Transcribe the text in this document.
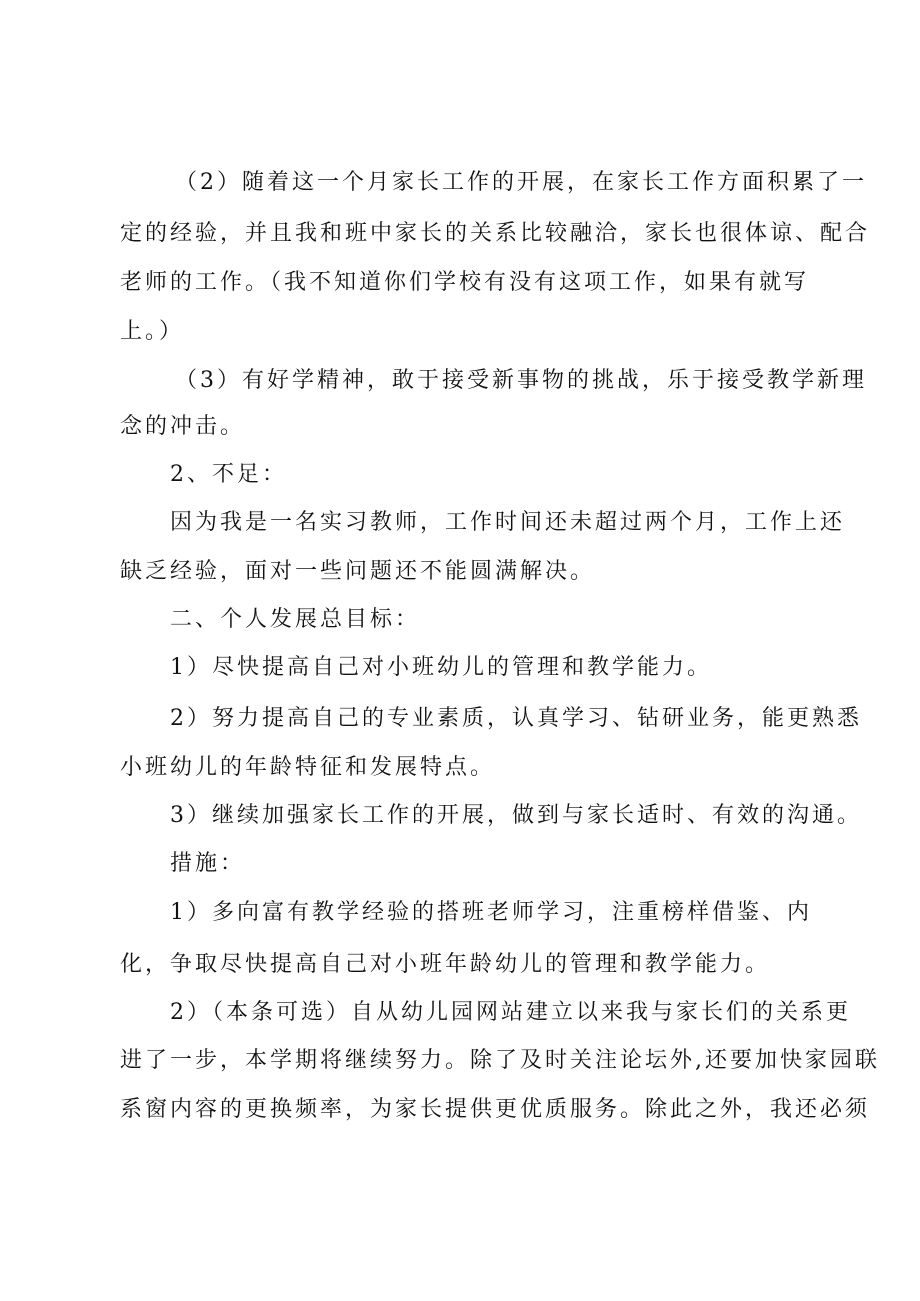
（2）随着这一个月家长工作的开展，在家长工作方面积累了一
定的经验，并且我和班中家长的关系比较融洽，家长也很体谅、配合
老师的工作。（我不知道你们学校有没有这项工作，如果有就写
上。）
（3）有好学精神，敢于接受新事物的挑战，乐于接受教学新理
念的冲击。
2、不足：
因为我是一名实习教师，工作时间还未超过两个月，工作上还
缺乏经验，面对一些问题还不能圆满解决。
二、个人发展总目标：
1）尽快提高自己对小班幼儿的管理和教学能力。
2）努力提高自己的专业素质，认真学习、钻研业务，能更熟悉
小班幼儿的年龄特征和发展特点。
3）继续加强家长工作的开展，做到与家长适时、有效的沟通。
措施：
1）多向富有教学经验的搭班老师学习，注重榜样借鉴、内
化，争取尽快提高自己对小班年龄幼儿的管理和教学能力。
2）（本条可选）自从幼儿园网站建立以来我与家长们的关系更
进了一步，本学期将继续努力。除了及时关注论坛外,还要加快家园联
系窗内容的更换频率，为家长提供更优质服务。除此之外，我还必须
